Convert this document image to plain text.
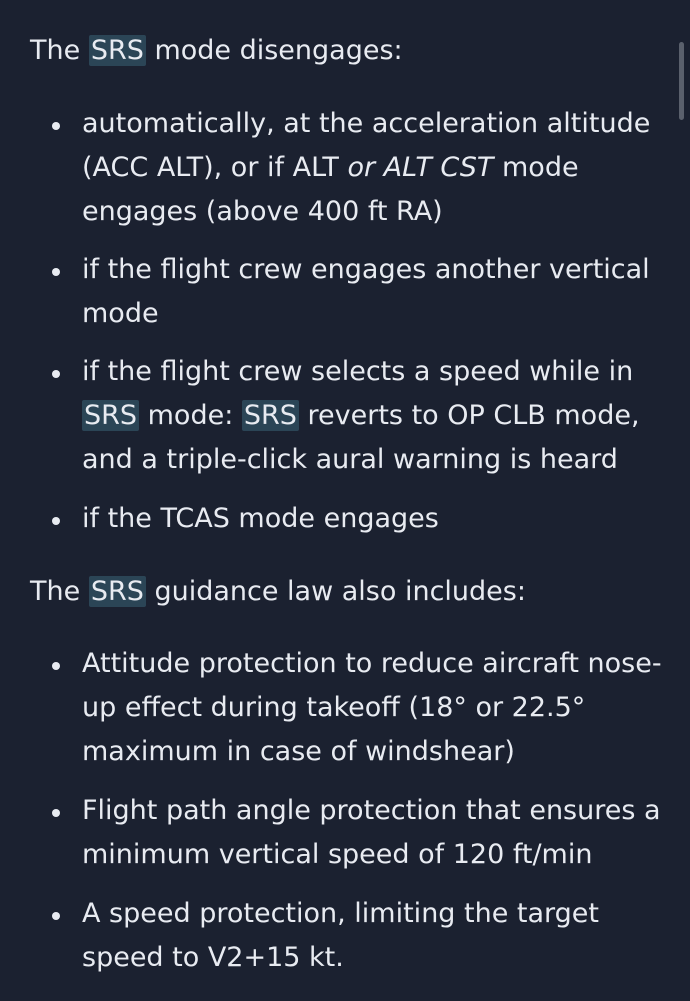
The SRS mode disengages:
automatically, at the acceleration altitude
(ACC ALT), or if ALT or ALT CST mode
engages (above 400 ft RA)
if the flight crew engages another vertical
mode
if the flight crew selects a speed while in
SRS mode: SRS reverts to OP CLB mode,
and a triple-click aural warning is heard
if the TCAS mode engages
The SRS guidance law also includes:
Attitude protection to reduce aircraft nose-
up effect during takeoff (18° or 22.5°
maximum in case of windshear)
Flight path angle protection that ensures a
minimum vertical speed of 120 ft/min
A speed protection, limiting the target
speed to V2+15 kt.
